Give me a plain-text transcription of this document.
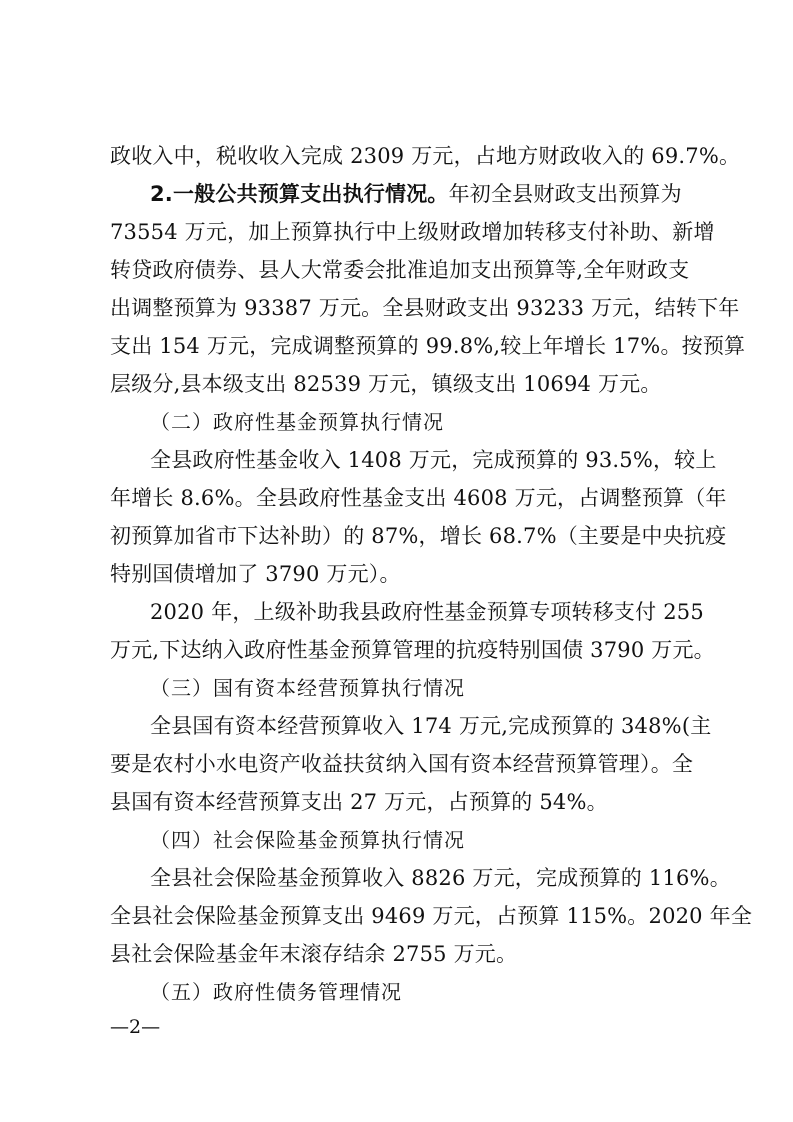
政收入中，税收收入完成 2309 万元，占地方财政收入的 69.7%。
2.一般公共预算支出执行情况。年初全县财政支出预算为
73554 万元，加上预算执行中上级财政增加转移支付补助、新增
转贷政府债券、县人大常委会批准追加支出预算等,全年财政支
出调整预算为 93387 万元。全县财政支出 93233 万元，结转下年
支出 154 万元，完成调整预算的 99.8%,较上年增长 17%。按预算
层级分,县本级支出 82539 万元，镇级支出 10694 万元。
（二）政府性基金预算执行情况
全县政府性基金收入 1408 万元，完成预算的 93.5%，较上
年增长 8.6%。全县政府性基金支出 4608 万元，占调整预算（年
初预算加省市下达补助）的 87%，增长 68.7%（主要是中央抗疫
特别国债增加了 3790 万元）。
2020 年，上级补助我县政府性基金预算专项转移支付 255
万元,下达纳入政府性基金预算管理的抗疫特别国债 3790 万元。
（三）国有资本经营预算执行情况
全县国有资本经营预算收入 174 万元,完成预算的 348%(主
要是农村小水电资产收益扶贫纳入国有资本经营预算管理）。全
县国有资本经营预算支出 27 万元，占预算的 54%。
（四）社会保险基金预算执行情况
全县社会保险基金预算收入 8826 万元，完成预算的 116%。
全县社会保险基金预算支出 9469 万元，占预算 115%。2020 年全
县社会保险基金年末滚存结余 2755 万元。
（五）政府性债务管理情况
—2—
